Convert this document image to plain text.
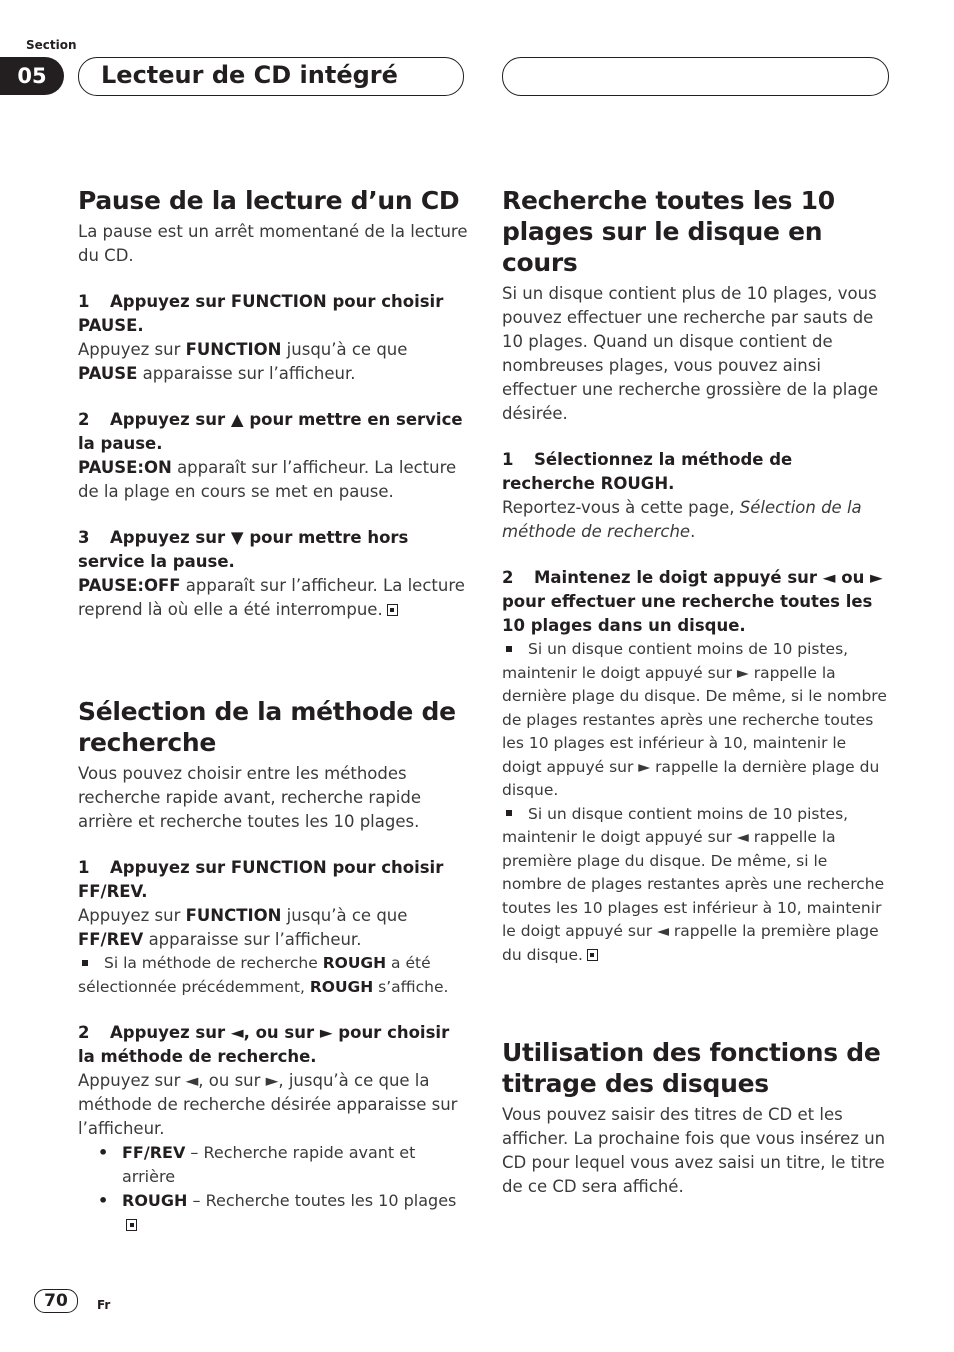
Section
05 Lecteur de CD intégré
Pause de la lecture d’un CD

La pause est un arrêt momentané de la lecture du CD.

1 Appuyez sur FUNCTION pour choisir PAUSE.

Appuyez sur FUNCTION jusqu’à ce que PAUSE apparaisse sur l’afficheur.

2 Appuyez sur ▲ pour mettre en service la pause.

PAUSE:ON apparaît sur l’afficheur. La lecture de la plage en cours se met en pause.

3 Appuyez sur ▼ pour mettre hors service la pause.

PAUSE:OFF apparaît sur l’afficheur. La lecture reprend là où elle a été interrompue.

Sélection de la méthode de recherche

Vous pouvez choisir entre les méthodes recherche rapide avant, recherche rapide arrière et recherche toutes les 10 plages.

1 Appuyez sur FUNCTION pour choisir FF/REV.

Appuyez sur FUNCTION jusqu’à ce que FF/REV apparaisse sur l’afficheur.

Si la méthode de recherche ROUGH a été sélectionnée précédemment, ROUGH s’affiche.

2 Appuyez sur ◄, ou sur ► pour choisir la méthode de recherche.

Appuyez sur ◄, ou sur ►, jusqu’à ce que la méthode de recherche désirée apparaisse sur l’afficheur.

• FF/REV – Recherche rapide avant et arrière

• ROUGH – Recherche toutes les 10 plages

Recherche toutes les 10 plages sur le disque en cours

Si un disque contient plus de 10 plages, vous pouvez effectuer une recherche par sauts de 10 plages. Quand un disque contient de nombreuses plages, vous pouvez ainsi effectuer une recherche grossière de la plage désirée.

1 Sélectionnez la méthode de recherche ROUGH.

Reportez-vous à cette page, Sélection de la méthode de recherche.

2 Maintenez le doigt appuyé sur ◄ ou ► pour effectuer une recherche toutes les 10 plages dans un disque.

Si un disque contient moins de 10 pistes, maintenir le doigt appuyé sur ► rappelle la dernière plage du disque. De même, si le nombre de plages restantes après une recherche toutes les 10 plages est inférieur à 10, maintenir le doigt appuyé sur ► rappelle la dernière plage du disque.

Si un disque contient moins de 10 pistes, maintenir le doigt appuyé sur ◄ rappelle la première plage du disque. De même, si le nombre de plages restantes après une recherche toutes les 10 plages est inférieur à 10, maintenir le doigt appuyé sur ◄ rappelle la première plage du disque.

Utilisation des fonctions de titrage des disques

Vous pouvez saisir des titres de CD et les afficher. La prochaine fois que vous insérez un CD pour lequel vous avez saisi un titre, le titre de ce CD sera affiché.

70	Fr
